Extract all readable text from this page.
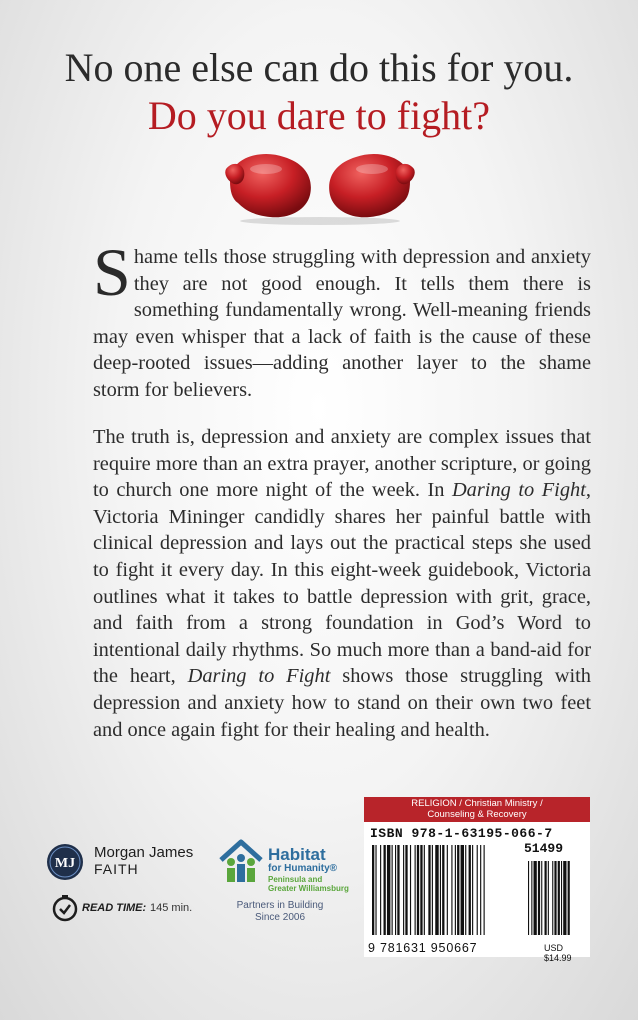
No one else can do this for you.
Do you dare to fight?
Shame tells those struggling with depression and anxiety they are not good enough. It tells them there is something fundamentally wrong. Well-meaning friends may even whisper that a lack of faith is the cause of these deep-rooted issues—adding another layer to the shame storm for believers.
The truth is, depression and anxiety are complex issues that require more than an extra prayer, another scripture, or going to church one more night of the week. In Daring to Fight, Victoria Mininger candidly shares her painful battle with clinical depression and lays out the practical steps she used to fight it every day. In this eight-week guidebook, Victoria outlines what it takes to battle depression with grit, grace, and faith from a strong foundation in God’s Word to intentional daily rhythms. So much more than a band-aid for the heart, Daring to Fight shows those struggling with depression and anxiety how to stand on their own two feet and once again fight for their healing and health.
MJ
Morgan James
FAITH
READ TIME: 145 min.
Habitat
for Humanity®
Peninsula and
Greater Williamsburg
Partners in Building
Since 2006
RELIGION / Christian Ministry /
Counseling & Recovery
ISBN 978-1-63195-066-7
51499
9 781631 950667	USD $14.99
